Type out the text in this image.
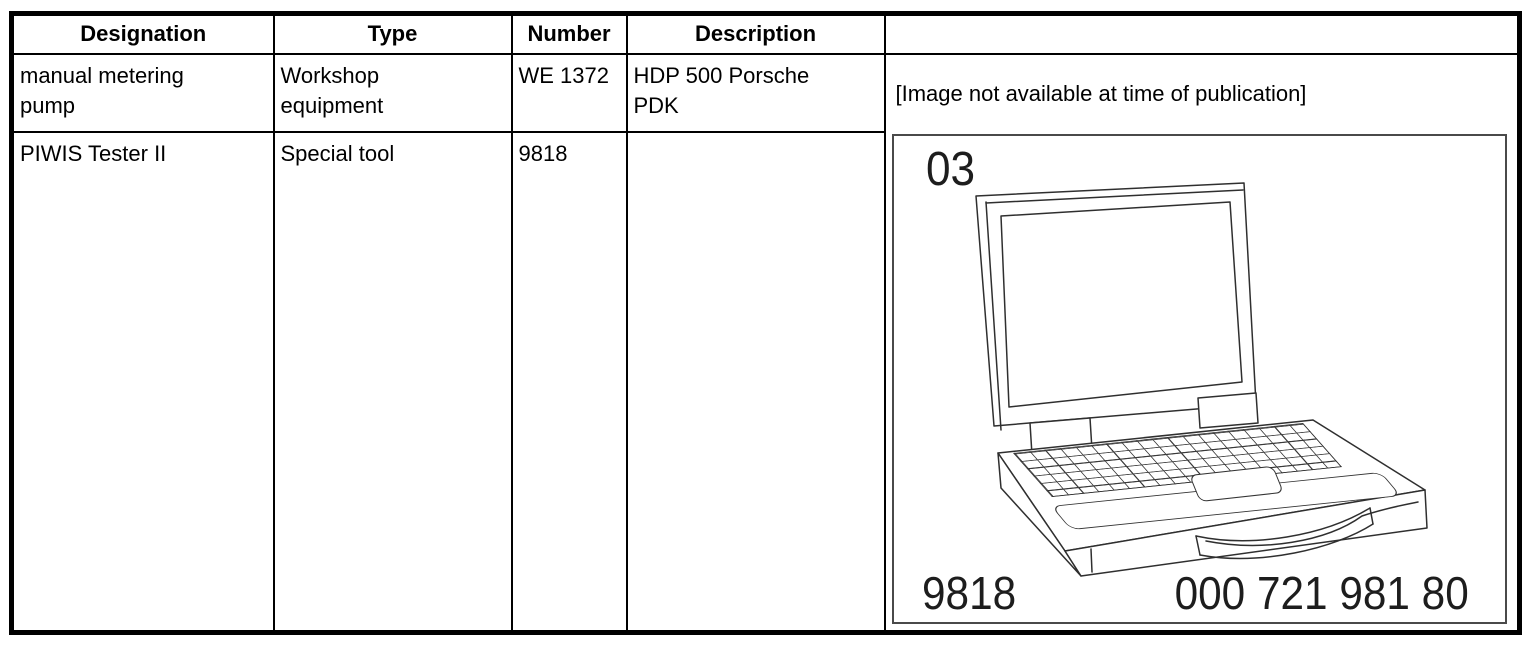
Designation	Type	Number	Description	

manual metering pump	Workshop equipment	WE 1372	HDP 500 Porsche PDK	[Image not available at time of publication]
03
9818 000 721 981 80

PIWIS Tester II	Special tool	9818		
